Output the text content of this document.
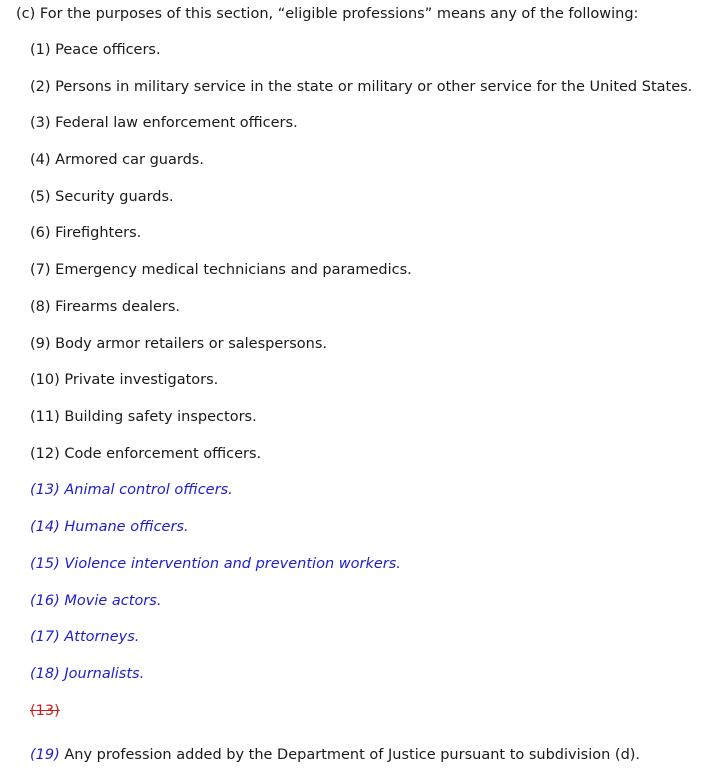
(c) For the purposes of this section, “eligible professions” means any of the following:
(1) Peace officers.
(2) Persons in military service in the state or military or other service for the United States.
(3) Federal law enforcement officers.
(4) Armored car guards.
(5) Security guards.
(6) Firefighters.
(7) Emergency medical technicians and paramedics.
(8) Firearms dealers.
(9) Body armor retailers or salespersons.
(10) Private investigators.
(11) Building safety inspectors.
(12) Code enforcement officers.
(13) Animal control officers.
(14) Humane officers.
(15) Violence intervention and prevention workers.
(16) Movie actors.
(17) Attorneys.
(18) Journalists.
(13)
(19) Any profession added by the Department of Justice pursuant to subdivision (d).
